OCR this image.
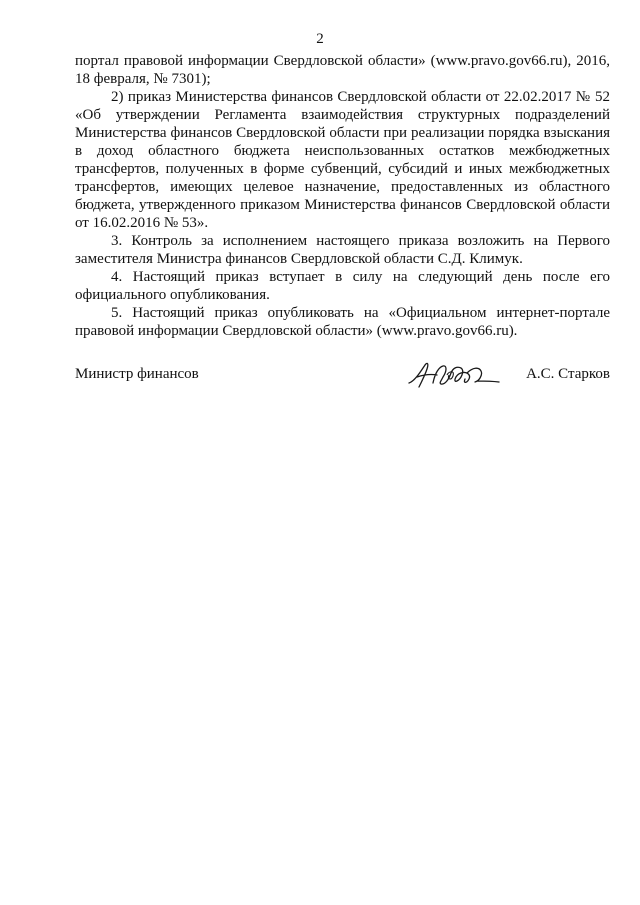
2

портал правовой информации Свердловской области» (www.pravo.gov66.ru), 2016, 18 февраля, № 7301);

2) приказ Министерства финансов Свердловской области от 22.02.2017 № 52 «Об утверждении Регламента взаимодействия структурных подразделений Министерства финансов Свердловской области при реализации порядка взыскания в доход областного бюджета неиспользованных остатков межбюджетных трансфертов, полученных в форме субвенций, субсидий и иных межбюджетных трансфертов, имеющих целевое назначение, предоставленных из областного бюджета, утвержденного приказом Министерства финансов Свердловской области от 16.02.2016 № 53».

3. Контроль за исполнением настоящего приказа возложить на Первого заместителя Министра финансов Свердловской области С.Д. Климук.

4. Настоящий приказ вступает в силу на следующий день после его официального опубликования.

5. Настоящий приказ опубликовать на «Официальном интернет-портале правовой информации Свердловской области» (www.pravo.gov66.ru).

Министр финансов	А.С. Старков
